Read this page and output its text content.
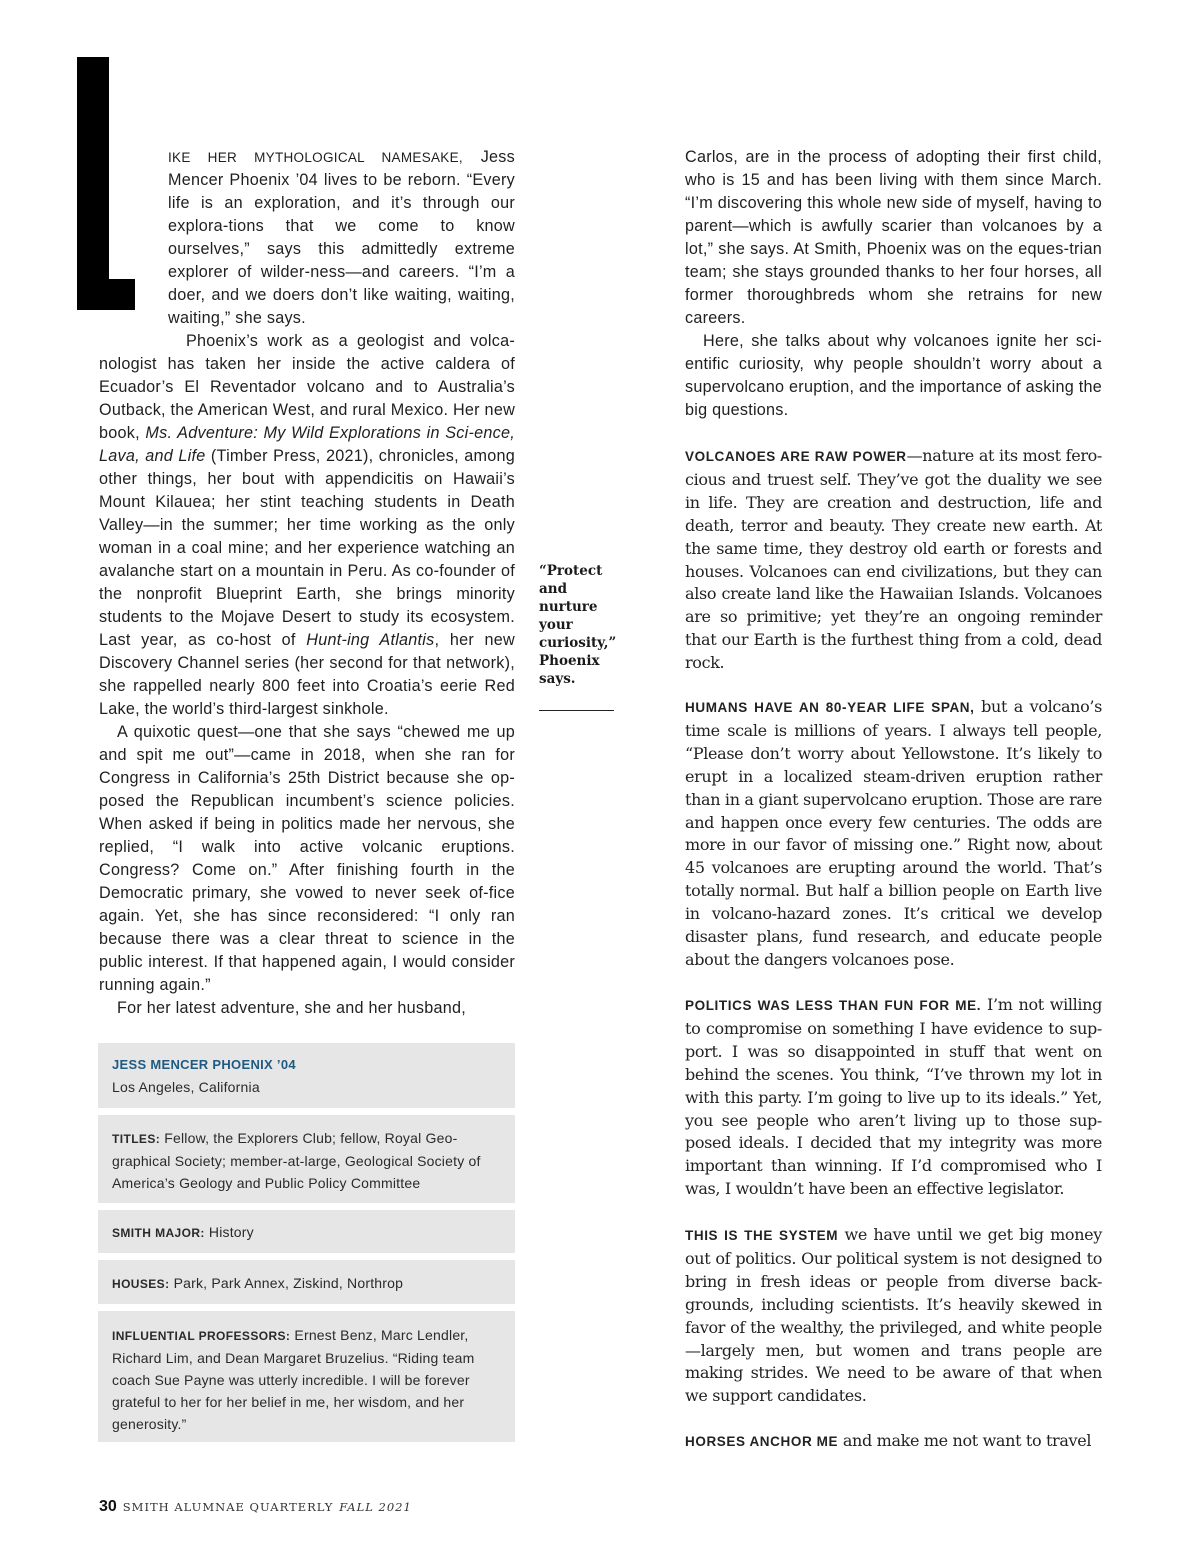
IKE HER MYTHOLOGICAL NAMESAKE, Jess Mencer Phoenix ’04 lives to be reborn. “Every life is an exploration, and it’s through our explora-tions that we come to know ourselves,” says this admittedly extreme explorer of wilder-ness—and careers. “I’m a doer, and we doers don’t like waiting, waiting, waiting,” she says.

Phoenix’s work as a geologist and volca-nologist has taken her inside the active caldera of Ecuador’s El Reventador volcano and to Australia’s Outback, the American West, and rural Mexico. Her new book, Ms. Adventure: My Wild Explorations in Sci-ence, Lava, and Life (Timber Press, 2021), chronicles, among other things, her bout with appendicitis on Hawaii’s Mount Kilauea; her stint teaching students in Death Valley—in the summer; her time working as the only woman in a coal mine; and her experience watching an avalanche start on a mountain in Peru. As co-founder of the nonprofit Blueprint Earth, she brings minority students to the Mojave Desert to study its ecosystem. Last year, as co-host of Hunt-ing Atlantis, her new Discovery Channel series (her second for that network), she rappelled nearly 800 feet into Croatia’s eerie Red Lake, the world’s third-largest sinkhole.

A quixotic quest—one that she says “chewed me up and spit me out”—came in 2018, when she ran for Congress in California’s 25th District because she op-posed the Republican incumbent’s science policies. When asked if being in politics made her nervous, she replied, “I walk into active volcanic eruptions. Congress? Come on.” After finishing fourth in the Democratic primary, she vowed to never seek of-fice again. Yet, she has since reconsidered: “I only ran because there was a clear threat to science in the public interest. If that happened again, I would consider running again.”

For her latest adventure, she and her husband,

“Protect and nurture your curiosity,” Phoenix says.

Carlos, are in the process of adopting their first child, who is 15 and has been living with them since March. “I’m discovering this whole new side of myself, having to parent—which is awfully scarier than volcanoes by a lot,” she says. At Smith, Phoenix was on the eques-trian team; she stays grounded thanks to her four horses, all former thoroughbreds whom she retrains for new careers.

Here, she talks about why volcanoes ignite her sci-entific curiosity, why people shouldn’t worry about a supervolcano eruption, and the importance of asking the big questions.

VOLCANOES ARE RAW POWER—nature at its most fero-cious and truest self. They’ve got the duality we see in life. They are creation and destruction, life and death, terror and beauty. They create new earth. At the same time, they destroy old earth or forests and houses. Volcanoes can end civilizations, but they can also create land like the Hawaiian Islands. Volcanoes are so primitive; yet they’re an ongoing reminder that our Earth is the furthest thing from a cold, dead rock.

HUMANS HAVE AN 80-YEAR LIFE SPAN, but a volcano’s time scale is millions of years. I always tell people, “Please don’t worry about Yellowstone. It’s likely to erupt in a localized steam-driven eruption rather than in a giant supervolcano eruption. Those are rare and happen once every few centuries. The odds are more in our favor of missing one.” Right now, about 45 volcanoes are erupting around the world. That’s totally normal. But half a billion people on Earth live in volcano-hazard zones. It’s critical we develop disaster plans, fund research, and educate people about the dangers volcanoes pose.

POLITICS WAS LESS THAN FUN FOR ME. I’m not willing to compromise on something I have evidence to sup-port. I was so disappointed in stuff that went on behind the scenes. You think, “I’ve thrown my lot in with this party. I’m going to live up to its ideals.” Yet, you see people who aren’t living up to those sup-posed ideals. I decided that my integrity was more important than winning. If I’d compromised who I was, I wouldn’t have been an effective legislator.

THIS IS THE SYSTEM we have until we get big money out of politics. Our political system is not designed to bring in fresh ideas or people from diverse back-grounds, including scientists. It’s heavily skewed in favor of the wealthy, the privileged, and white people—largely men, but women and trans people are making strides. We need to be aware of that when we support candidates.

HORSES ANCHOR ME and make me not want to travel

JESS MENCER PHOENIX ’04
Los Angeles, California
TITLES: Fellow, the Explorers Club; fellow, Royal Geo-graphical Society; member-at-large, Geological Society of America’s Geology and Public Policy Committee
SMITH MAJOR: History
HOUSES: Park, Park Annex, Ziskind, Northrop
INFLUENTIAL PROFESSORS: Ernest Benz, Marc Lendler, Richard Lim, and Dean Margaret Bruzelius. “Riding team coach Sue Payne was utterly incredible. I will be forever grateful to her for her belief in me, her wisdom, and her generosity.”
30 SMITH ALUMNAE QUARTERLY FALL 2021
